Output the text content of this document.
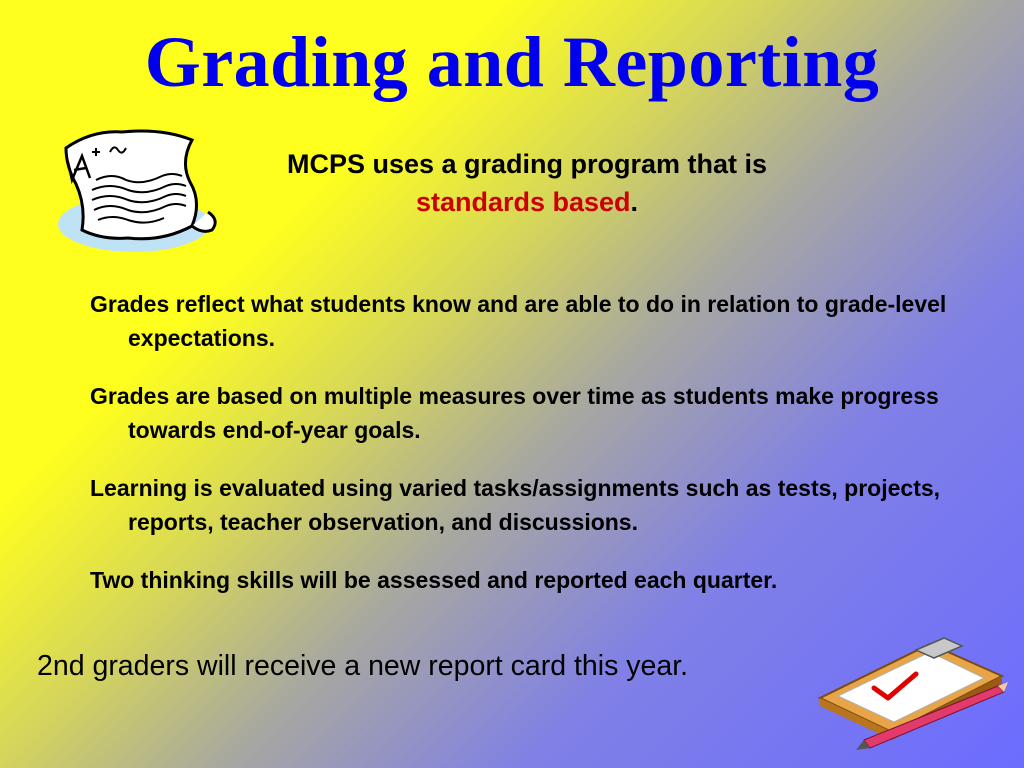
Grading and Reporting
MCPS uses a grading program that is
standards based.
Grades reflect what students know and are able to do in relation to grade-level expectations.
Grades are based on multiple measures over time as students make progress towards end-of-year goals.
Learning is evaluated using varied tasks/assignments such as tests, projects, reports, teacher observation, and discussions.
Two thinking skills will be assessed and reported each quarter.
2nd graders will receive a new report card this year.
